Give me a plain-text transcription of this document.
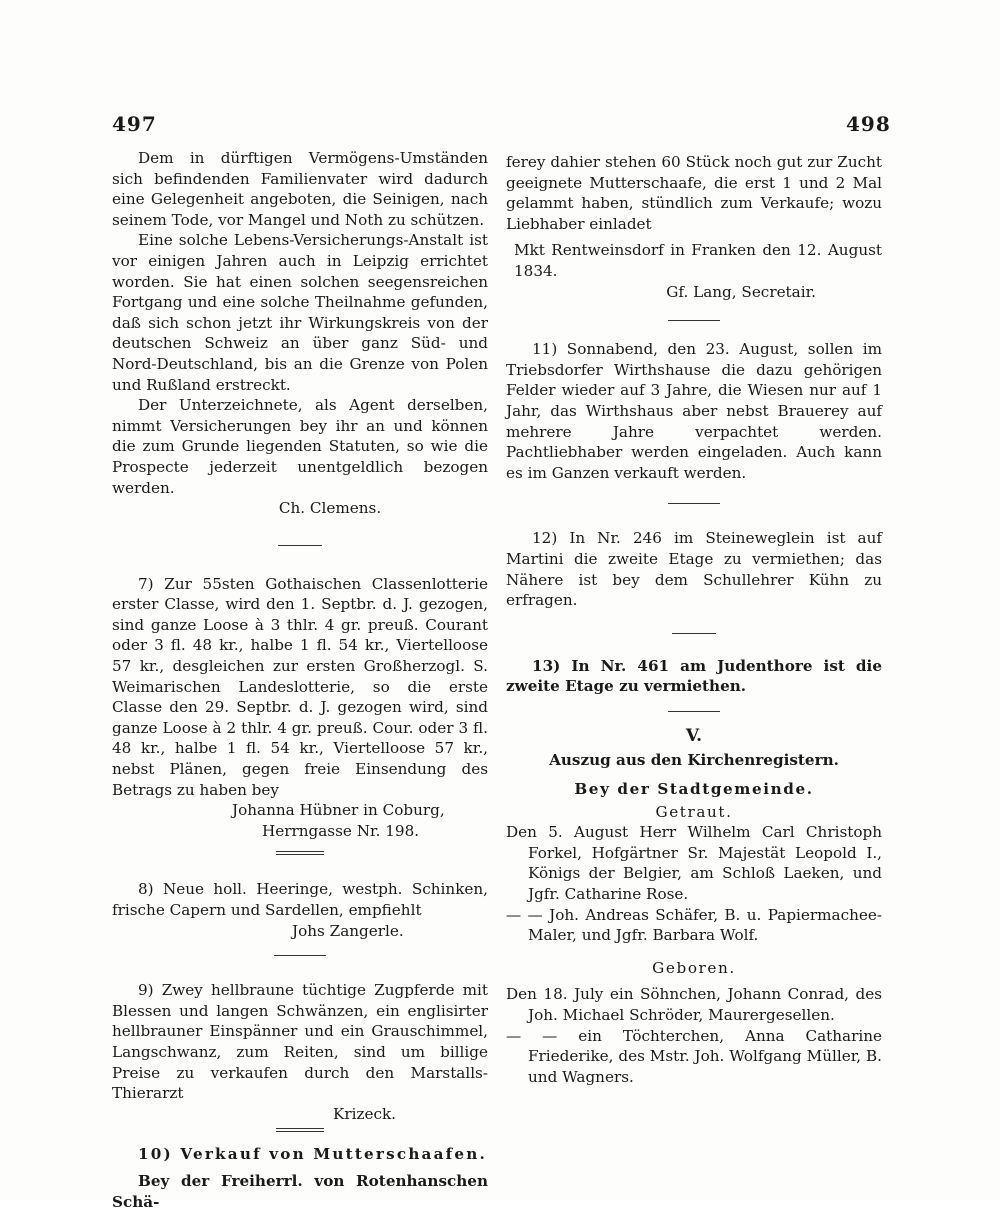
497	498

Dem in dürftigen Vermögens-Umständen sich befindenden Familienvater wird dadurch eine Gelegenheit angeboten, die Seinigen, nach seinem Tode, vor Mangel und Noth zu schützen.

Eine solche Lebens-Versicherungs-Anstalt ist vor einigen Jahren auch in Leipzig errichtet worden. Sie hat einen solchen seegensreichen Fortgang und eine solche Theilnahme gefunden, daß sich schon jetzt ihr Wirkungskreis von der deutschen Schweiz an über ganz Süd- und Nord-Deutschland, bis an die Grenze von Polen und Rußland erstreckt.

Der Unterzeichnete, als Agent derselben, nimmt Versicherungen bey ihr an und können die zum Grunde liegenden Statuten, so wie die Prospecte jederzeit unentgeldlich bezogen werden.

Ch. Clemens.

7) Zur 55sten Gothaischen Classenlotterie erster Classe, wird den 1. Septbr. d. J. gezogen, sind ganze Loose à 3 thlr. 4 gr. preuß. Courant oder 3 fl. 48 kr., halbe 1 fl. 54 kr., Viertelloose 57 kr., desgleichen zur ersten Großherzogl. S. Weimarischen Landeslotterie, so die erste Classe den 29. Septbr. d. J. gezogen wird, sind ganze Loose à 2 thlr. 4 gr. preuß. Cour. oder 3 fl. 48 kr., halbe 1 fl. 54 kr., Viertelloose 57 kr., nebst Plänen, gegen freie Einsendung des Betrags zu haben bey

Johanna Hübner in Coburg,

Herrngasse Nr. 198.

8) Neue holl. Heeringe, westph. Schinken, frische Capern und Sardellen, empfiehlt

Johs Zangerle.

9) Zwey hellbraune tüchtige Zugpferde mit Blessen und langen Schwänzen, ein englisirter hellbrauner Einspänner und ein Grauschimmel, Langschwanz, zum Reiten, sind um billige Preise zu verkaufen durch den Marstalls-Thierarzt

Krizeck.

10) Verkauf von Mutterschaafen.

Bey der Freiherrl. von Rotenhanschen Schä-

ferey dahier stehen 60 Stück noch gut zur Zucht geeignete Mutterschaafe, die erst 1 und 2 Mal gelammt haben, stündlich zum Verkaufe; wozu Liebhaber einladet

Mkt Rentweinsdorf in Franken den 12. August 1834.

Gf. Lang, Secretair.

11) Sonnabend, den 23. August, sollen im Triebsdorfer Wirthshause die dazu gehörigen Felder wieder auf 3 Jahre, die Wiesen nur auf 1 Jahr, das Wirthshaus aber nebst Brauerey auf mehrere Jahre verpachtet werden. Pachtliebhaber werden eingeladen. Auch kann es im Ganzen verkauft werden.

12) In Nr. 246 im Steineweglein ist auf Martini die zweite Etage zu vermiethen; das Nähere ist bey dem Schullehrer Kühn zu erfragen.

13) In Nr. 461 am Judenthore ist die zweite Etage zu vermiethen.

V.

Auszug aus den Kirchenregistern.

Bey der Stadtgemeinde.

Getraut.

Den 5. August Herr Wilhelm Carl Christoph Forkel, Hofgärtner Sr. Majestät Leopold I., Königs der Belgier, am Schloß Laeken, und Jgfr. Catharine Rose.

— — Joh. Andreas Schäfer, B. u. Papiermachee-Maler, und Jgfr. Barbara Wolf.

Geboren.

Den 18. July ein Söhnchen, Johann Conrad, des Joh. Michael Schröder, Maurergesellen.

— — ein Töchterchen, Anna Catharine Friederike, des Mstr. Joh. Wolfgang Müller, B. und Wagners.
